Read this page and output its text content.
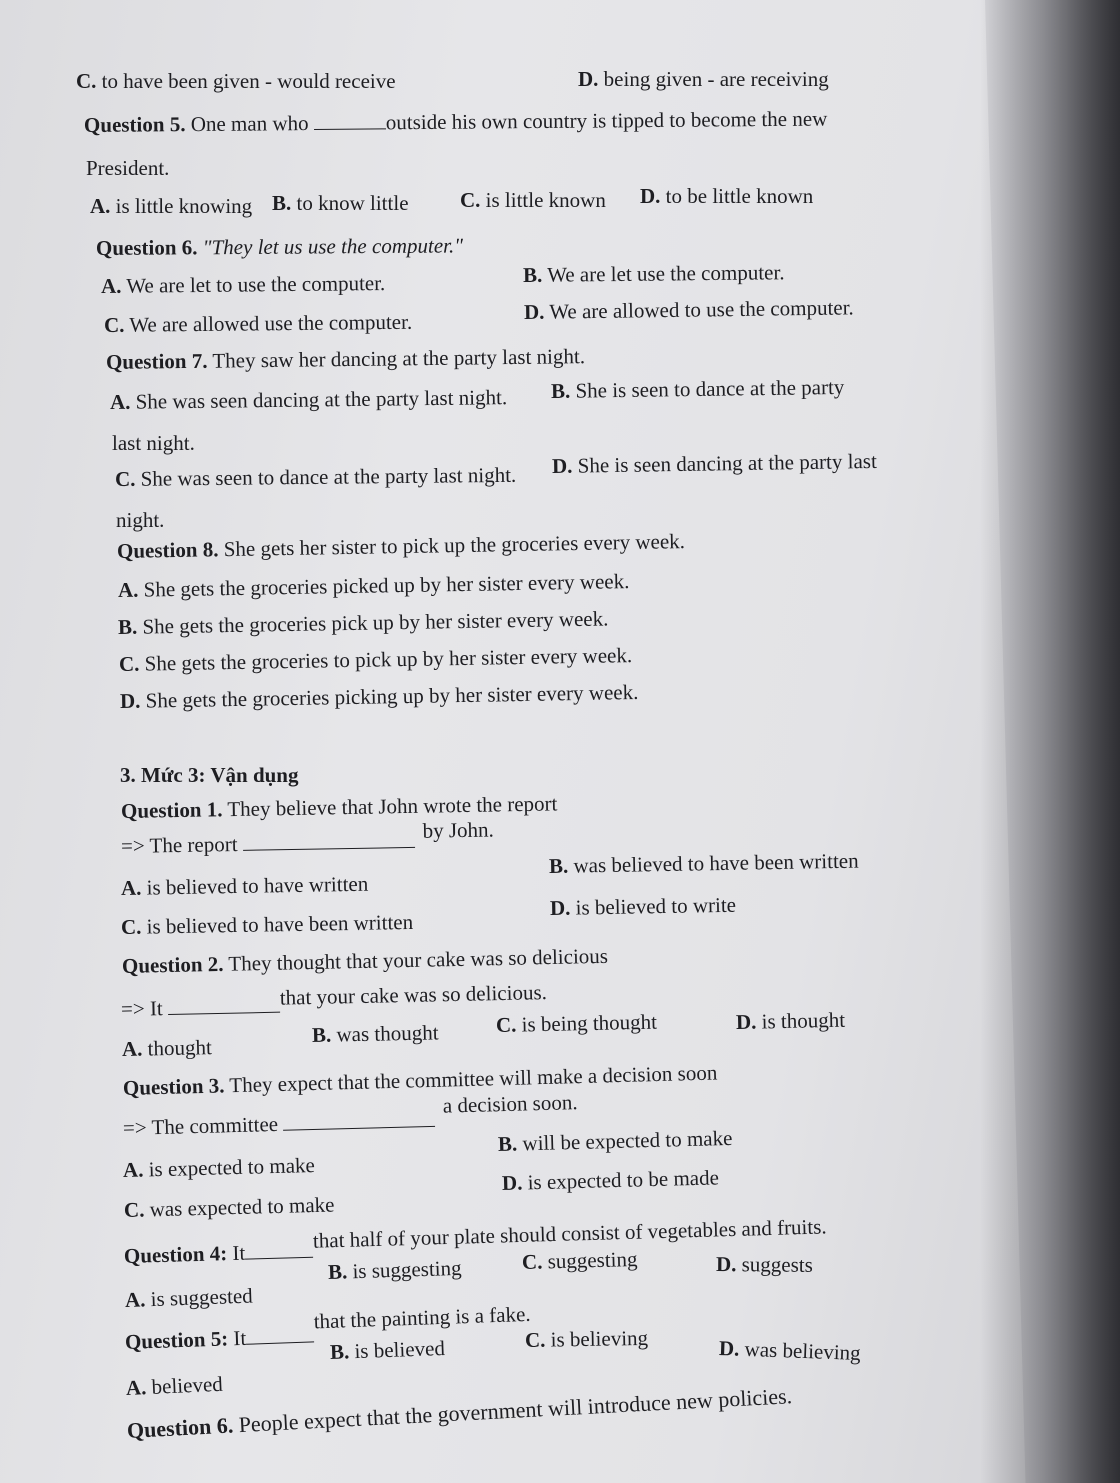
C. to have been given - would receive	D. being given - are receiving
Question 5. One man who	outside his own country is tipped to become the new
President.
A. is little knowing B. to know little C. is little known D. to be little known
Question 6. "They let us use the computer."
A. We are let to use the computer.	B. We are let use the computer.
C. We are allowed use the computer.	D. We are allowed to use the computer.
Question 7. They saw her dancing at the party last night.
A. She was seen dancing at the party last night. B. She is seen to dance at the party
last night.
C. She was seen to dance at the party last night. D. She is seen dancing at the party last
night.
Question 8. She gets her sister to pick up the groceries every week.
A. She gets the groceries picked up by her sister every week.
B. She gets the groceries pick up by her sister every week.
C. She gets the groceries to pick up by her sister every week.
D. She gets the groceries picking up by her sister every week.
3. Mức 3: Vận dụng
Question 1. They believe that John wrote the report
=> The report by John.
A. is believed to have written
B. was believed to have been written
C. is believed to have been written
D. is believed to write
Question 2. They thought that your cake was so delicious
=> It	that your cake was so delicious.
A. thought
B. was thought	C. is being thought	D. is thought
Question 3. They expect that the committee will make a decision soon
=> The committee a decision soon.
A. is expected to make
B. will be expected to make
C. was expected to make
D. is expected to be made
Question 4: Itthat half of your plate should consist of vegetables and fruits.
A. is suggested
B. is suggesting	C. suggesting	D. suggests
Question 5: Itthat the painting is a fake.
A. believed
B. is believed	C. is believing	D. was believing
Question 6. People expect that the government will introduce new policies.
